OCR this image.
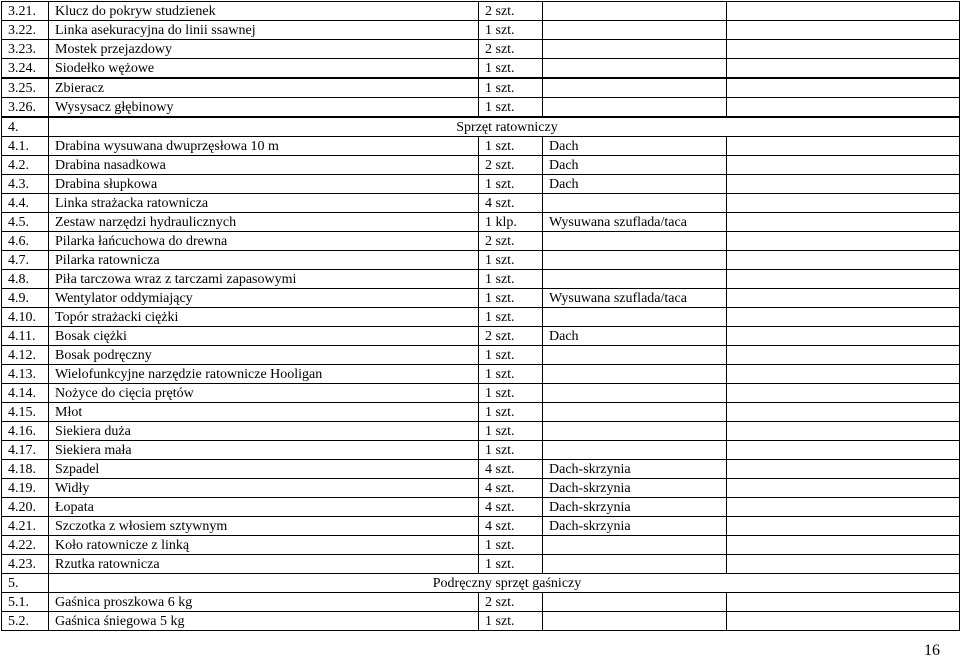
3.21.	Klucz do pokryw studzienek	2 szt.		
3.22.	Linka asekuracyjna do linii ssawnej	1 szt.		
3.23.	Mostek przejazdowy	2 szt.		
3.24.	Siodełko wężowe	1 szt.		

3.25.	Zbieracz	1 szt.		
3.26.	Wysysacz głębinowy	1 szt.		

4.	Sprzęt ratowniczy			
4.1.	Drabina wysuwana dwuprzęsłowa 10 m	1 szt.	Dach	
4.2.	Drabina nasadkowa	2 szt.	Dach	
4.3.	Drabina słupkowa	1 szt.	Dach	
4.4.	Linka strażacka ratownicza	4 szt.		
4.5.	Zestaw narzędzi hydraulicznych	1 klp.	Wysuwana szuflada/taca	
4.6.	Pilarka łańcuchowa do drewna	2 szt.		
4.7.	Pilarka ratownicza	1 szt.		
4.8.	Piła tarczowa wraz z tarczami zapasowymi	1 szt.		
4.9.	Wentylator oddymiający	1 szt.	Wysuwana szuflada/taca	
4.10.	Topór strażacki ciężki	1 szt.		
4.11.	Bosak ciężki	2 szt.	Dach	
4.12.	Bosak podręczny	1 szt.		
4.13.	Wielofunkcyjne narzędzie ratownicze Hooligan	1 szt.		
4.14.	Nożyce do cięcia prętów	1 szt.		
4.15.	Młot	1 szt.		
4.16.	Siekiera duża	1 szt.		
4.17.	Siekiera mała	1 szt.		
4.18.	Szpadel	4 szt.	Dach-skrzynia	
4.19.	Widły	4 szt.	Dach-skrzynia	
4.20.	Łopata	4 szt.	Dach-skrzynia	
4.21.	Szczotka z włosiem sztywnym	4 szt.	Dach-skrzynia	
4.22.	Koło ratownicze z linką	1 szt.		
4.23.	Rzutka ratownicza	1 szt.		
5.	Podręczny sprzęt gaśniczy			
5.1.	Gaśnica proszkowa 6 kg	2 szt.		
5.2.	Gaśnica śniegowa 5 kg	1 szt.		
16
